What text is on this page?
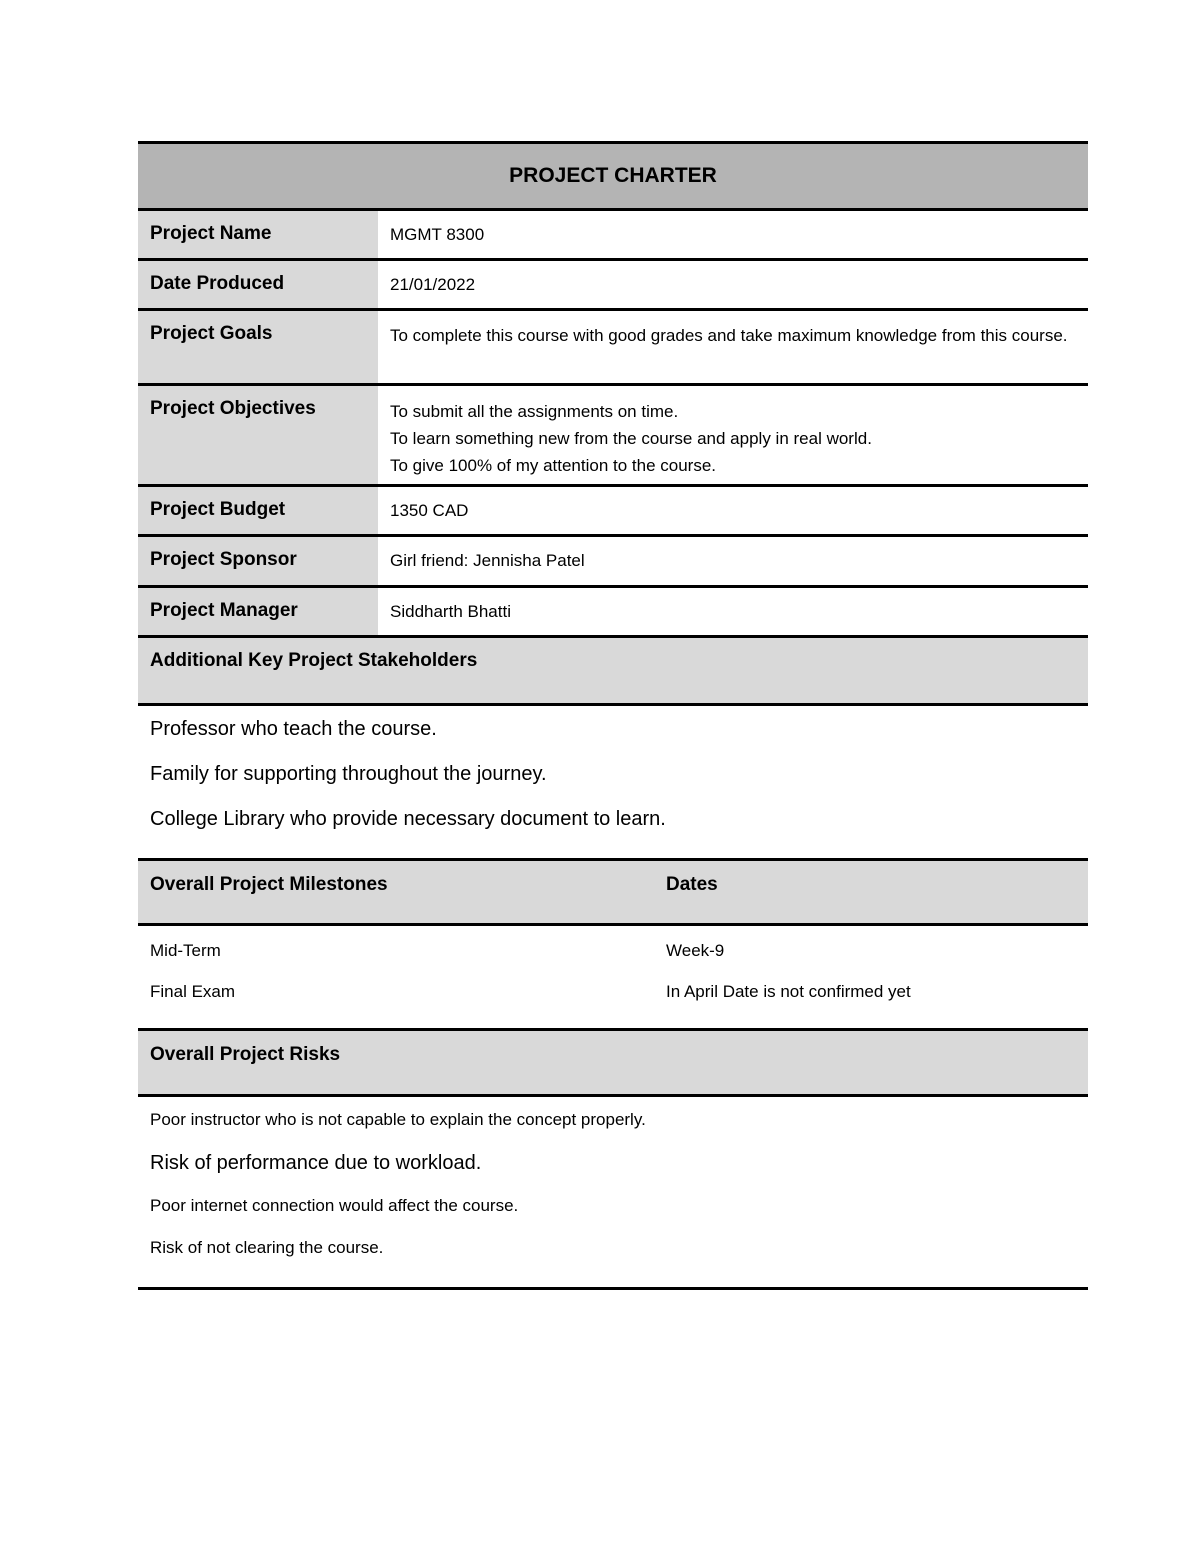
PROJECT CHARTER
Project Name	MGMT 8300
Date Produced	21/01/2022
Project Goals	To complete this course with good grades and take maximum knowledge from this course.
Project Objectives	To submit all the assignments on time.
To learn something new from the course and apply in real world.
To give 100% of my attention to the course.
Project Budget	1350 CAD
Project Sponsor	Girl friend: Jennisha Patel
Project Manager	Siddharth Bhatti
Additional Key Project Stakeholders
Professor who teach the course.
Family for supporting throughout the journey.
College Library who provide necessary document to learn.
Overall Project Milestones	Dates
Mid-Term	Week-9
Final Exam	In April Date is not confirmed yet
Overall Project Risks
Poor instructor who is not capable to explain the concept properly.
Risk of performance due to workload.
Poor internet connection would affect the course.
Risk of not clearing the course.
